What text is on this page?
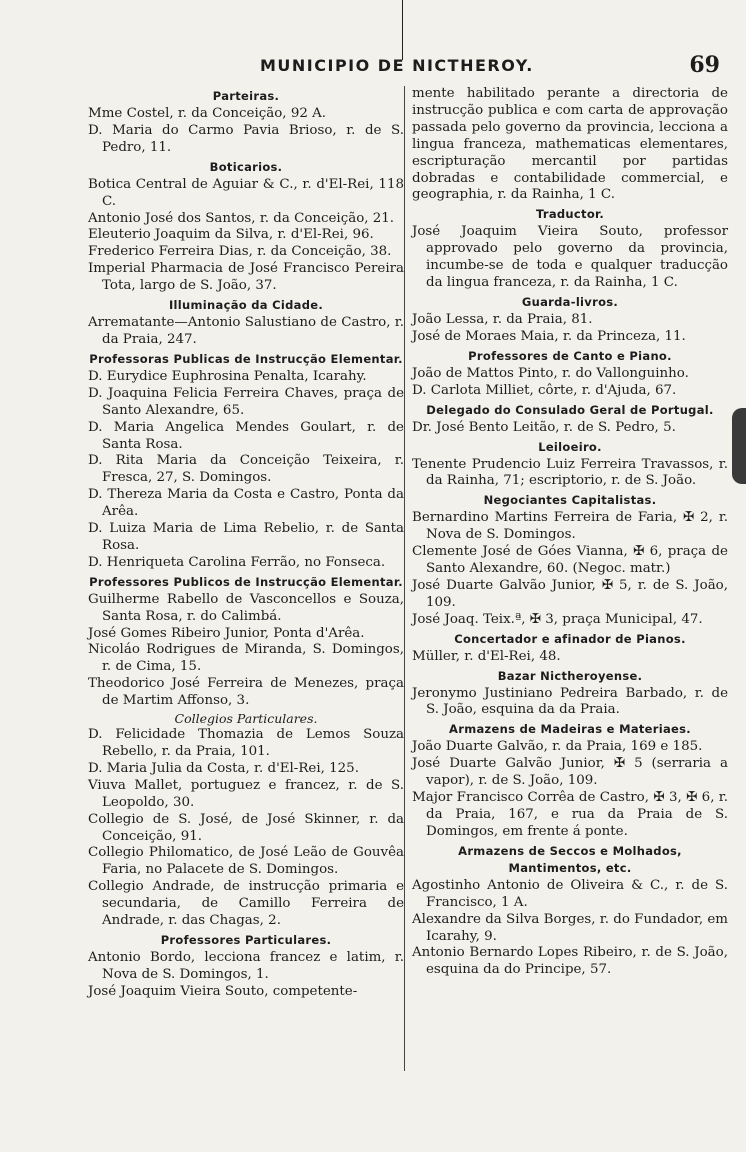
MUNICIPIO DE NICTHEROY.	69
Parteiras.
Mme Costel, r. da Conceição, 92 A.
D. Maria do Carmo Pavia Brioso, r. de S. Pedro, 11.
Boticarios.
Botica Central de Aguiar & C., r. d'El-Rei, 118 C.
Antonio José dos Santos, r. da Conceição, 21.
Eleuterio Joaquim da Silva, r. d'El-Rei, 96.
Frederico Ferreira Dias, r. da Conceição, 38.
Imperial Pharmacia de José Francisco Pereira Tota, largo de S. João, 37.
Illuminação da Cidade.
Arrematante—Antonio Salustiano de Castro, r. da Praia, 247.
Professoras Publicas de Instrucção Elementar.
D. Eurydice Euphrosina Penalta, Icarahy.
D. Joaquina Felicia Ferreira Chaves, praça de Santo Alexandre, 65.
D. Maria Angelica Mendes Goulart, r. de Santa Rosa.
D. Rita Maria da Conceição Teixeira, r. Fresca, 27, S. Domingos.
D. Thereza Maria da Costa e Castro, Ponta da Arêa.
D. Luiza Maria de Lima Rebelio, r. de Santa Rosa.
D. Henriqueta Carolina Ferrão, no Fonseca.
Professores Publicos de Instrucção Elementar.
Guilherme Rabello de Vasconcellos e Souza, Santa Rosa, r. do Calimbá.
José Gomes Ribeiro Junior, Ponta d'Arêa.
Nicoláo Rodrigues de Miranda, S. Domingos, r. de Cima, 15.
Theodorico José Ferreira de Menezes, praça de Martim Affonso, 3.
Collegios Particulares.
D. Felicidade Thomazia de Lemos Souza Rebello, r. da Praia, 101.
D. Maria Julia da Costa, r. d'El-Rei, 125.
Viuva Mallet, portuguez e francez, r. de S. Leopoldo, 30.
Collegio de S. José, de José Skinner, r. da Conceição, 91.
Collegio Philomatico, de José Leão de Gouvêa Faria, no Palacete de S. Domingos.
Collegio Andrade, de instrucção primaria e secundaria, de Camillo Ferreira de Andrade, r. das Chagas, 2.
Professores Particulares.
Antonio Bordo, lecciona francez e latim, r. Nova de S. Domingos, 1.
José Joaquim Vieira Souto, competente-
mente habilitado perante a directoria de instrucção publica e com carta de approvação passada pelo governo da provincia, lecciona a lingua franceza, mathematicas elementares, escripturação mercantil por partidas dobradas e contabilidade commercial, e geographia, r. da Rainha, 1 C.
Traductor.
José Joaquim Vieira Souto, professor approvado pelo governo da provincia, incumbe-se de toda e qualquer traducção da lingua franceza, r. da Rainha, 1 C.
Guarda-livros.
João Lessa, r. da Praia, 81.
José de Moraes Maia, r. da Princeza, 11.
Professores de Canto e Piano.
João de Mattos Pinto, r. do Vallonguinho.
D. Carlota Milliet, côrte, r. d'Ajuda, 67.
Delegado do Consulado Geral de Portugal.
Dr. José Bento Leitão, r. de S. Pedro, 5.
Leiloeiro.
Tenente Prudencio Luiz Ferreira Travassos, r. da Rainha, 71; escriptorio, r. de S. João.
Negociantes Capitalistas.
Bernardino Martins Ferreira de Faria, ✠ 2, r. Nova de S. Domingos.
Clemente José de Góes Vianna, ✠ 6, praça de Santo Alexandre, 60. (Negoc. matr.)
José Duarte Galvão Junior, ✠ 5, r. de S. João, 109.
José Joaq. Teix.ª, ✠ 3, praça Municipal, 47.
Concertador e afinador de Pianos.
Müller, r. d'El-Rei, 48.
Bazar Nictheroyense.
Jeronymo Justiniano Pedreira Barbado, r. de S. João, esquina da da Praia.
Armazens de Madeiras e Materiaes.
João Duarte Galvão, r. da Praia, 169 e 185.
José Duarte Galvão Junior, ✠ 5 (serraria a vapor), r. de S. João, 109.
Major Francisco Corrêa de Castro, ✠ 3, ✠ 6, r. da Praia, 167, e rua da Praia de S. Domingos, em frente á ponte.
Armazens de Seccos e Molhados, Mantimentos, etc.
Agostinho Antonio de Oliveira & C., r. de S. Francisco, 1 A.
Alexandre da Silva Borges, r. do Fundador, em Icarahy, 9.
Antonio Bernardo Lopes Ribeiro, r. de S. João, esquina da do Principe, 57.
